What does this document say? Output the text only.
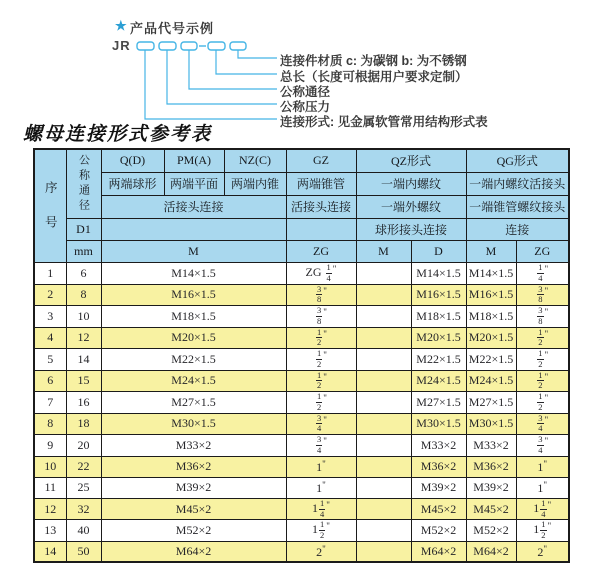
★ 产品代号示例
JR
连接件材质 c: 为碳钢 b: 为不锈钢
总长（长度可根据用户要求定制）
公称通径
公称压力
连接形式: 见金属软管常用结构形式表
螺母连接形式参考表
序号	公称通径	Q(D)	PM(A)	NZ(C)	GZ	QZ形式		QG形式	
		两端球形	两端平面	两端内锥	两端锥管	一端内螺纹		一端内螺纹活接头	
		活接头连接			活接头连接	一端外螺纹		一端锥管螺纹接头	
	D1					球形接头连接		连接	
	mm	M			ZG	M	D	M	ZG
1	6	M14×1.5			ZG $\frac{1}{4} ^"$		M14×1.5	M14×1.5	$\frac{1}{4} ^"$
2	8	M16×1.5			$\frac{3}{8} ^"$		M16×1.5	M16×1.5	$\frac{3}{8} ^"$
3	10	M18×1.5			$\frac{3}{8} ^"$		M18×1.5	M18×1.5	$\frac{3}{8} ^"$
4	12	M20×1.5			$\frac{1}{2} ^"$		M20×1.5	M20×1.5	$\frac{1}{2} ^"$
5	14	M22×1.5			$\frac{1}{2} ^"$		M22×1.5	M22×1.5	$\frac{1}{2} ^"$
6	15	M24×1.5			$\frac{1}{2} ^"$		M24×1.5	M24×1.5	$\frac{1}{2} ^"$
7	16	M27×1.5			$\frac{1}{2} ^"$		M27×1.5	M27×1.5	$\frac{1}{2} ^"$
8	18	M30×1.5			$\frac{3}{4} ^"$		M30×1.5	M30×1.5	$\frac{3}{4} ^"$
9	20	M33×2			$\frac{3}{4} ^"$		M33×2	M33×2	$\frac{3}{4} ^"$
10	22	M36×2			1"		M36×2	M36×2	1"
11	25	M39×2			1"		M39×2	M39×2	1"
12	32	M45×2			$1 \frac{1}{4} ^"$		M45×2	M45×2	$1 \frac{1}{4} ^"$
13	40	M52×2			$1 \frac{1}{2} ^"$		M52×2	M52×2	$1 \frac{1}{2} ^"$
14	50	M64×2			2"		M64×2	M64×2	2"
